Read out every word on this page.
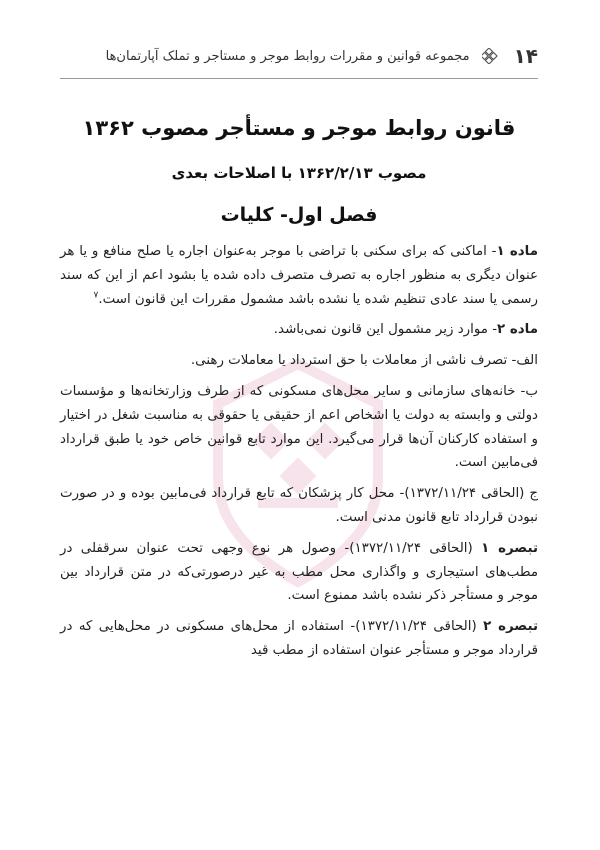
۱۴
مجموعه قوانین و مقررات روابط موجر و مستاجر و تملک آپارتمان‌ها
قانون روابط موجر و مستأجر مصوب ۱۳۶۲
مصوب ۱۳۶۲/۲/۱۳ با اصلاحات بعدی
فصل اول- کلیات

ماده ۱- اماکنی که برای سکنی با تراضی با موجر به‌عنوان اجاره یا صلح منافع و یا هر عنوان دیگری به منظور اجاره به تصرف متصرف داده شده یا بشود اعم از این که سند رسمی یا سند عادی تنظیم شده یا نشده باشد مشمول مقررات این قانون است.$^۷$

ماده ۲- موارد زیر مشمول این قانون نمی‌باشد.

الف- تصرف ناشی از معاملات با حق استرداد یا معاملات رهنی.

ب- خانه‌های سازمانی و سایر محل‌های مسکونی که از طرف وزارتخانه‌ها و مؤسسات دولتی و وابسته به دولت یا اشخاص اعم از حقیقی یا حقوقی به مناسبت شغل در اختیار و استفاده کارکنان آن‌ها قرار می‌گیرد. این موارد تابع قوانین خاص خود یا طبق قرارداد فی‌مابین است.

ج (الحاقی ۱۳۷۲/۱۱/۲۴)- محل کار پزشکان که تابع قرارداد فی‌مابین بوده و در صورت نبودن قرارداد تابع قانون مدنی است.

تبصره ۱ (الحاقی ۱۳۷۲/۱۱/۲۴)- وصول هر نوع وجهی تحت عنوان سرقفلی در مطب‌های استیجاری و واگذاری محل مطب به غیر درصورتی‌که در متن قرارداد بین موجر و مستأجر ذکر نشده باشد ممنوع است.

تبصره ۲ (الحاقی ۱۳۷۲/۱۱/۲۴)- استفاده از محل‌های مسکونی در محل‌هایی که در قرارداد موجر و مستأجر عنوان استفاده از مطب قید
